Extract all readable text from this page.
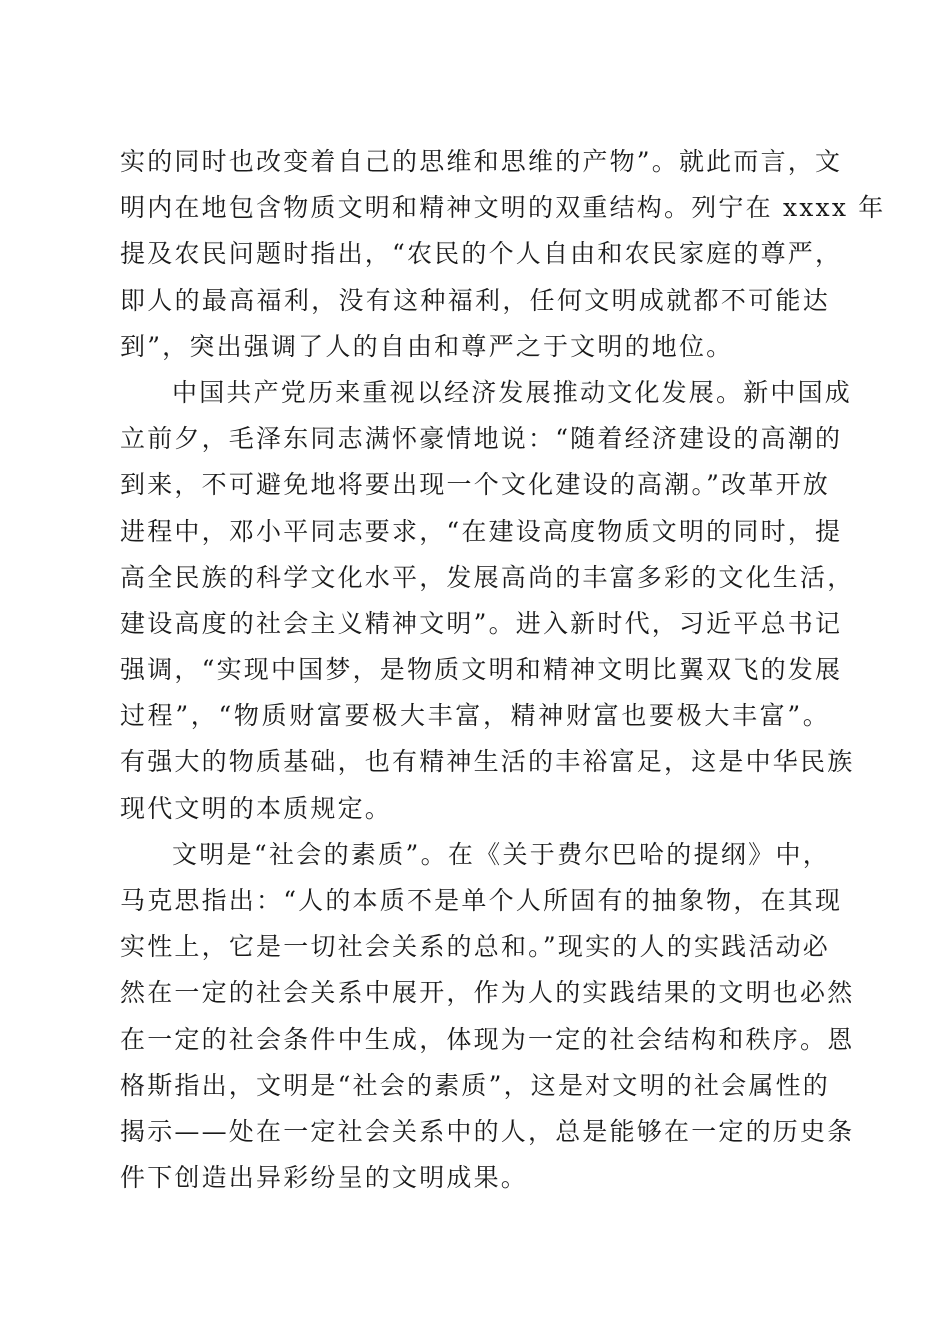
实的同时也改变着自己的思维和思维的产物”。就此而言，文
明内在地包含物质文明和精神文明的双重结构。列宁在 xxxx 年
提及农民问题时指出，“农民的个人自由和农民家庭的尊严，
即人的最高福利，没有这种福利，任何文明成就都不可能达
到”，突出强调了人的自由和尊严之于文明的地位。
中国共产党历来重视以经济发展推动文化发展。新中国成
立前夕，毛泽东同志满怀豪情地说：“随着经济建设的高潮的
到来，不可避免地将要出现一个文化建设的高潮。”改革开放
进程中，邓小平同志要求，“在建设高度物质文明的同时，提
高全民族的科学文化水平，发展高尚的丰富多彩的文化生活，
建设高度的社会主义精神文明”。进入新时代，习近平总书记
强调，“实现中国梦，是物质文明和精神文明比翼双飞的发展
过程”，“物质财富要极大丰富，精神财富也要极大丰富”。
有强大的物质基础，也有精神生活的丰裕富足，这是中华民族
现代文明的本质规定。
文明是“社会的素质”。在《关于费尔巴哈的提纲》中，
马克思指出：“人的本质不是单个人所固有的抽象物，在其现
实性上，它是一切社会关系的总和。”现实的人的实践活动必
然在一定的社会关系中展开，作为人的实践结果的文明也必然
在一定的社会条件中生成，体现为一定的社会结构和秩序。恩
格斯指出，文明是“社会的素质”，这是对文明的社会属性的
揭示——处在一定社会关系中的人，总是能够在一定的历史条
件下创造出异彩纷呈的文明成果。
